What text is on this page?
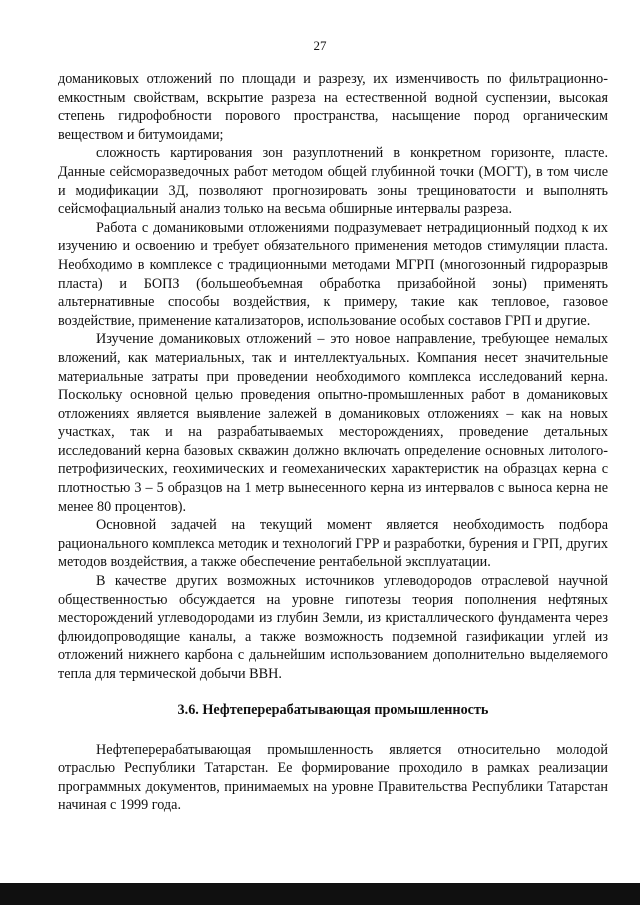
27

доманиковых отложений по площади и разрезу, их изменчивость по фильтрационно-емкостным свойствам, вскрытие разреза на естественной водной суспензии, высокая степень гидрофобности порового пространства, насыщение пород органическим веществом и битумоидами;

сложность картирования зон разуплотнений в конкретном горизонте, пласте. Данные сейсморазведочных работ методом общей глубинной точки (МОГТ), в том числе и модификации 3Д, позволяют прогнозировать зоны трещиноватости и выполнять сейсмофациальный анализ только на весьма обширные интервалы разреза.

Работа с доманиковыми отложениями подразумевает нетрадиционный подход к их изучению и освоению и требует обязательного применения методов стимуляции пласта. Необходимо в комплексе с традиционными методами МГРП (многозонный гидроразрыв пласта) и БОПЗ (большеобъемная обработка призабойной зоны) применять альтернативные способы воздействия, к примеру, такие как тепловое, газовое воздействие, применение катализаторов, использование особых составов ГРП и другие.

Изучение доманиковых отложений – это новое направление, требующее немалых вложений, как материальных, так и интеллектуальных. Компания несет значительные материальные затраты при проведении необходимого комплекса исследований керна. Поскольку основной целью проведения опытно-промышленных работ в доманиковых отложениях является выявление залежей в доманиковых отложениях – как на новых участках, так и на разрабатываемых месторождениях, проведение детальных исследований керна базовых скважин должно включать определение основных литолого-петрофизических, геохимических и геомеханических характеристик на образцах керна с плотностью 3 – 5 образцов на 1 метр вынесенного керна из интервалов с выноса керна не менее 80 процентов).

Основной задачей на текущий момент является необходимость подбора рационального комплекса методик и технологий ГРР и разработки, бурения и ГРП, других методов воздействия, а также обеспечение рентабельной эксплуатации.

В качестве других возможных источников углеводородов отраслевой научной общественностью обсуждается на уровне гипотезы теория пополнения нефтяных месторождений углеводородами из глубин Земли, из кристаллического фундамента через флюидопроводящие каналы, а также возможность подземной газификации углей из отложений нижнего карбона с дальнейшим использованием дополнительно выделяемого тепла для термической добычи ВВН.

3.6. Нефтеперерабатывающая промышленность

Нефтеперерабатывающая промышленность является относительно молодой отраслью Республики Татарстан. Ее формирование проходило в рамках реализации программных документов, принимаемых на уровне Правительства Республики Татарстан начиная с 1999 года.
